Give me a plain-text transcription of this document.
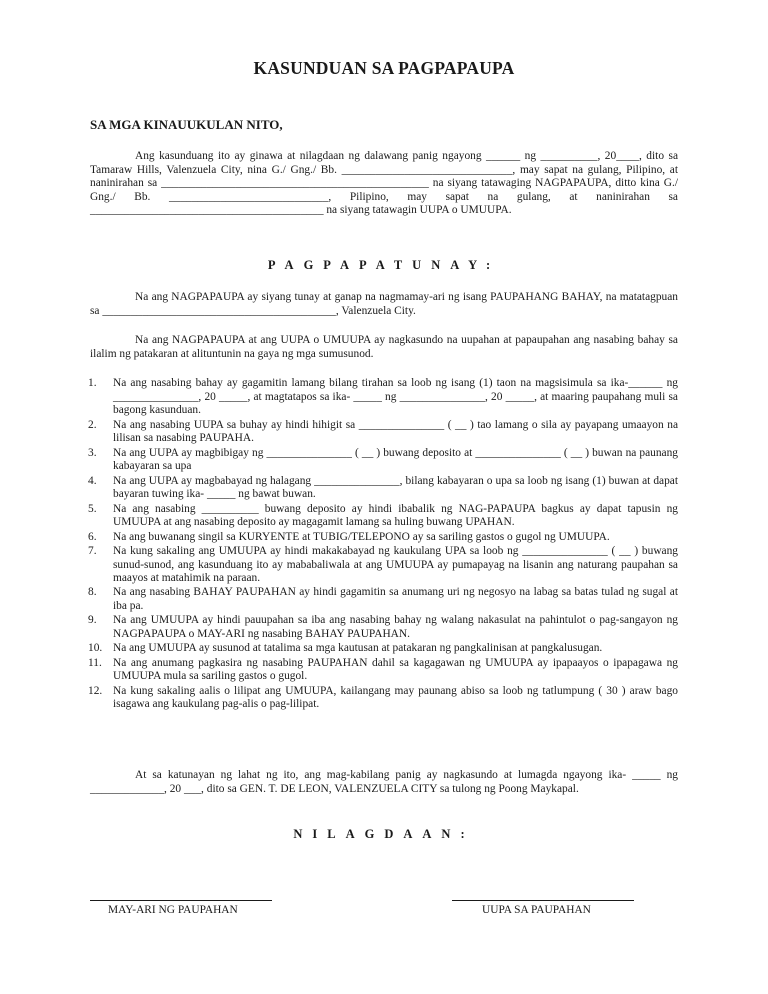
KASUNDUAN SA PAGPAPAUPA
SA MGA KINAUUKULAN NITO,

Ang kasunduang ito ay ginawa at nilagdaan ng dalawang panig ngayong ______ ng __________, 20____, dito sa Tamaraw Hills, Valenzuela City, nina G./ Gng./ Bb. ______________________________, may sapat na gulang, Pilipino, at naninirahan sa _______________________________________________ na siyang tatawaging NAGPAPAUPA, ditto kina G./ Gng./ Bb. ____________________________, Pilipino, may sapat na gulang, at naninirahan sa _________________________________________ na siyang tatawagin UUPA o UMUUPA.

PAGPAPATUNAY:

Na ang NAGPAPAUPA ay siyang tunay at ganap na nagmamay-ari ng isang PAUPAHANG BAHAY, na matatagpuan sa _________________________________________, Valenzuela City.

Na ang NAGPAPAUPA at ang UUPA o UMUUPA ay nagkasundo na uupahan at papaupahan ang nasabing bahay sa ilalim ng patakaran at alituntunin na gaya ng mga sumusunod.

1. Na ang nasabing bahay ay gagamitin lamang bilang tirahan sa loob ng isang (1) taon na magsisimula sa ika-______ ng _______________, 20 _____, at magtatapos sa ika- _____ ng _______________, 20 _____, at maaring paupahang muli sa bagong kasunduan.
2. Na ang nasabing UUPA sa buhay ay hindi hihigit sa _______________ ( __ ) tao lamang o sila ay payapang umaayon na lilisan sa nasabing PAUPAHA.
3. Na ang UUPA ay magbibigay ng _______________ ( __ ) buwang deposito at _______________ ( __ ) buwan na paunang kabayaran sa upa
4. Na ang UUPA ay magbabayad ng halagang _______________, bilang kabayaran o upa sa loob ng isang (1) buwan at dapat bayaran tuwing ika- _____ ng bawat buwan.
5. Na ang nasabing __________ buwang deposito ay hindi ibabalik ng NAG-PAPAUPA bagkus ay dapat tapusin ng UMUUPA at ang nasabing deposito ay magagamit lamang sa huling buwang UPAHAN.
6. Na ang buwanang singil sa KURYENTE at TUBIG/TELEPONO ay sa sariling gastos o gugol ng UMUUPA.
7. Na kung sakaling ang UMUUPA ay hindi makakabayad ng kaukulang UPA sa loob ng _______________ ( __ ) buwang sunud-sunod, ang kasunduang ito ay mababaliwala at ang UMUUPA ay pumapayag na lisanin ang naturang paupahan sa maayos at matahimik na paraan.
8. Na ang nasabing BAHAY PAUPAHAN ay hindi gagamitin sa anumang uri ng negosyo na labag sa batas tulad ng sugal at iba pa.
9. Na ang UMUUPA ay hindi pauupahan sa iba ang nasabing bahay ng walang nakasulat na pahintulot o pag-sangayon ng NAGPAPAUPA o MAY-ARI ng nasabing BAHAY PAUPAHAN.
10. Na ang UMUUPA ay susunod at tatalima sa mga kautusan at patakaran ng pangkalinisan at pangkalusugan.
11. Na ang anumang pagkasira ng nasabing PAUPAHAN dahil sa kagagawan ng UMUUPA ay ipapaayos o ipapagawa ng UMUUPA mula sa sariling gastos o gugol.
12. Na kung sakaling aalis o lilipat ang UMUUPA, kailangang may paunang abiso sa loob ng tatlumpung ( 30 ) araw bago isagawa ang kaukulang pag-alis o pag-lilipat.

At sa katunayan ng lahat ng ito, ang mag-kabilang panig ay nagkasundo at lumagda ngayong ika- _____ ng _____________, 20 ___, dito sa GEN. T. DE LEON, VALENZUELA CITY sa tulong ng Poong Maykapal.

NILAGDAAN:
MAY-ARI NG PAUPAHAN	UUPA SA PAUPAHAN
